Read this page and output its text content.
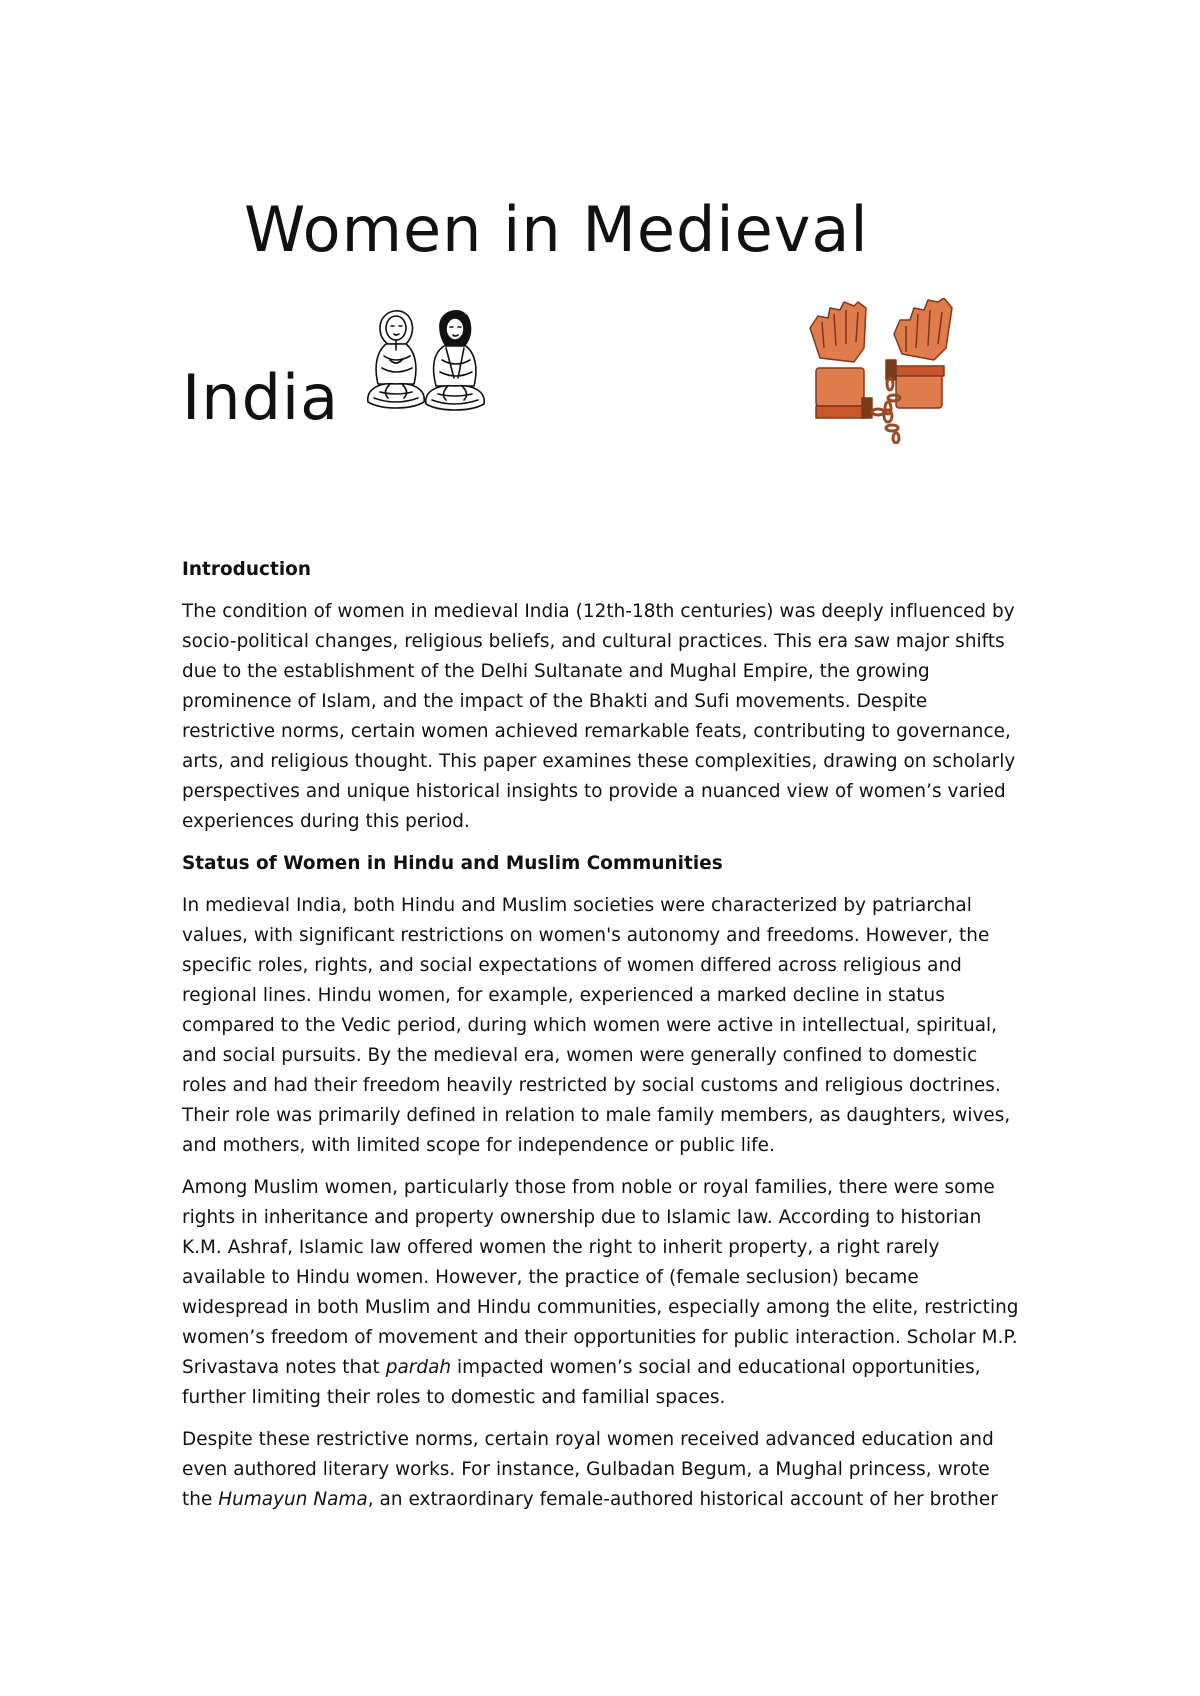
Women in Medieval
India
Introduction

The condition of women in medieval India (12th-18th centuries) was deeply influenced by socio-political changes, religious beliefs, and cultural practices. This era saw major shifts due to the establishment of the Delhi Sultanate and Mughal Empire, the growing prominence of Islam, and the impact of the Bhakti and Sufi movements. Despite restrictive norms, certain women achieved remarkable feats, contributing to governance, arts, and religious thought. This paper examines these complexities, drawing on scholarly perspectives and unique historical insights to provide a nuanced view of women’s varied experiences during this period.

Status of Women in Hindu and Muslim Communities

In medieval India, both Hindu and Muslim societies were characterized by patriarchal values, with significant restrictions on women's autonomy and freedoms. However, the specific roles, rights, and social expectations of women differed across religious and regional lines. Hindu women, for example, experienced a marked decline in status compared to the Vedic period, during which women were active in intellectual, spiritual, and social pursuits. By the medieval era, women were generally confined to domestic roles and had their freedom heavily restricted by social customs and religious doctrines. Their role was primarily defined in relation to male family members, as daughters, wives, and mothers, with limited scope for independence or public life.

Among Muslim women, particularly those from noble or royal families, there were some rights in inheritance and property ownership due to Islamic law. According to historian K.M. Ashraf, Islamic law offered women the right to inherit property, a right rarely available to Hindu women. However, the practice of (female seclusion) became widespread in both Muslim and Hindu communities, especially among the elite, restricting women’s freedom of movement and their opportunities for public interaction. Scholar M.P. Srivastava notes that pardah impacted women’s social and educational opportunities, further limiting their roles to domestic and familial spaces.

Despite these restrictive norms, certain royal women received advanced education and even authored literary works. For instance, Gulbadan Begum, a Mughal princess, wrote the Humayun Nama, an extraordinary female-authored historical account of her brother
